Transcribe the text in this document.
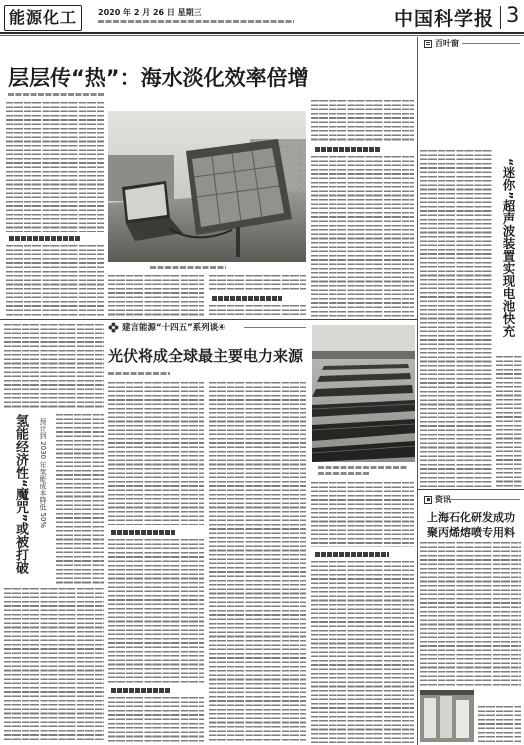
能源化工	2020 年 2 月 26 日 星期三	中国科学报 3
层层传“热”：海水淡化效率倍增
百叶窗
“迷你”超声波装置实现电池快充
氢能经济性“魔咒”或被打破 预计到 2030 年氢能成本降低 50%
建言能源“十四五”系列谈④
光伏将成全球最主要电力来源
资讯
上海石化研发成功
聚丙烯熔喷专用料
